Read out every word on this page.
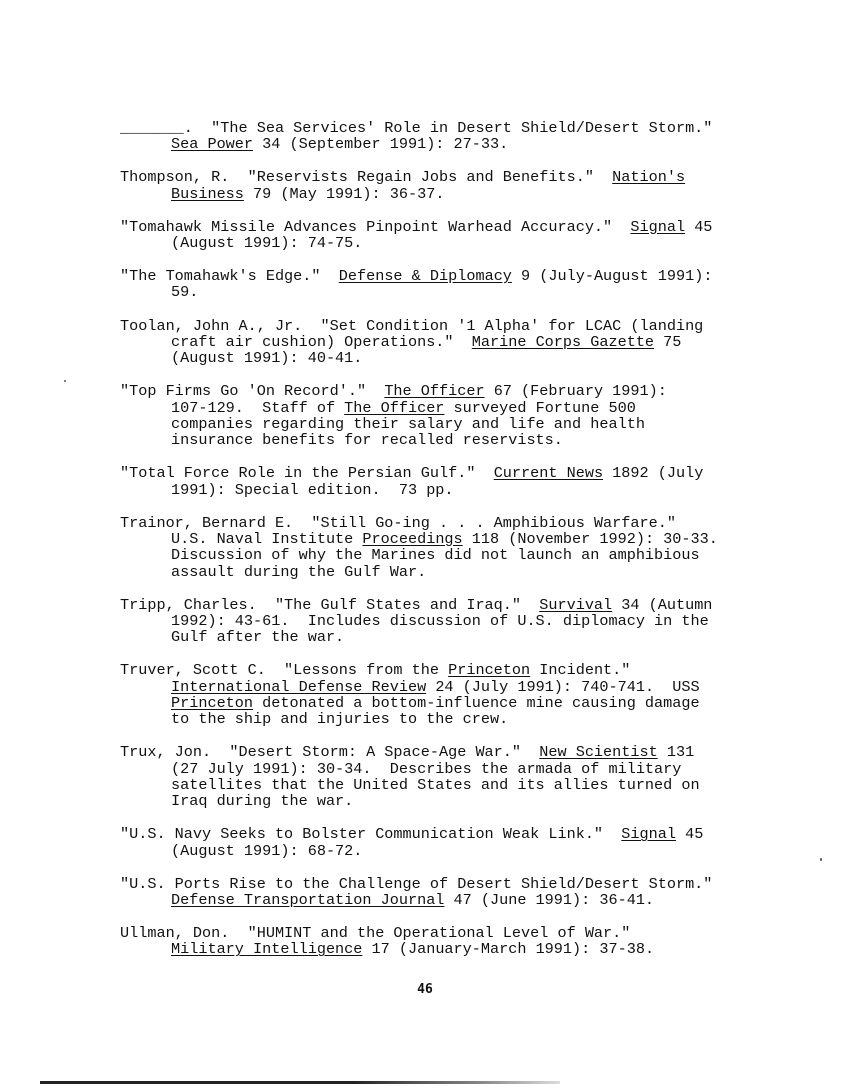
_______.  "The Sea Services' Role in Desert Shield/Desert Storm."
Sea Power 34 (September 1991): 27-33.

Thompson, R.  "Reservists Regain Jobs and Benefits."  Nation's
Business 79 (May 1991): 36-37.

"Tomahawk Missile Advances Pinpoint Warhead Accuracy."  Signal 45
(August 1991): 74-75.

"The Tomahawk's Edge."  Defense & Diplomacy 9 (July-August 1991):
59.

Toolan, John A., Jr.  "Set Condition '1 Alpha' for LCAC (landing
craft air cushion) Operations."  Marine Corps Gazette 75
(August 1991): 40-41.

"Top Firms Go 'On Record'."  The Officer 67 (February 1991):
107-129.  Staff of The Officer surveyed Fortune 500
companies regarding their salary and life and health
insurance benefits for recalled reservists.

"Total Force Role in the Persian Gulf."  Current News 1892 (July
1991): Special edition.  73 pp.

Trainor, Bernard E.  "Still Go-ing . . . Amphibious Warfare."
U.S. Naval Institute Proceedings 118 (November 1992): 30-33.
Discussion of why the Marines did not launch an amphibious
assault during the Gulf War.

Tripp, Charles.  "The Gulf States and Iraq."  Survival 34 (Autumn
1992): 43-61.  Includes discussion of U.S. diplomacy in the
Gulf after the war.

Truver, Scott C.  "Lessons from the Princeton Incident."
International Defense Review 24 (July 1991): 740-741.  USS
Princeton detonated a bottom-influence mine causing damage
to the ship and injuries to the crew.

Trux, Jon.  "Desert Storm: A Space-Age War."  New Scientist 131
(27 July 1991): 30-34.  Describes the armada of military
satellites that the United States and its allies turned on
Iraq during the war.

"U.S. Navy Seeks to Bolster Communication Weak Link."  Signal 45
(August 1991): 68-72.

"U.S. Ports Rise to the Challenge of Desert Shield/Desert Storm."
Defense Transportation Journal 47 (June 1991): 36-41.

Ullman, Don.  "HUMINT and the Operational Level of War."
Military Intelligence 17 (January-March 1991): 37-38.

46
